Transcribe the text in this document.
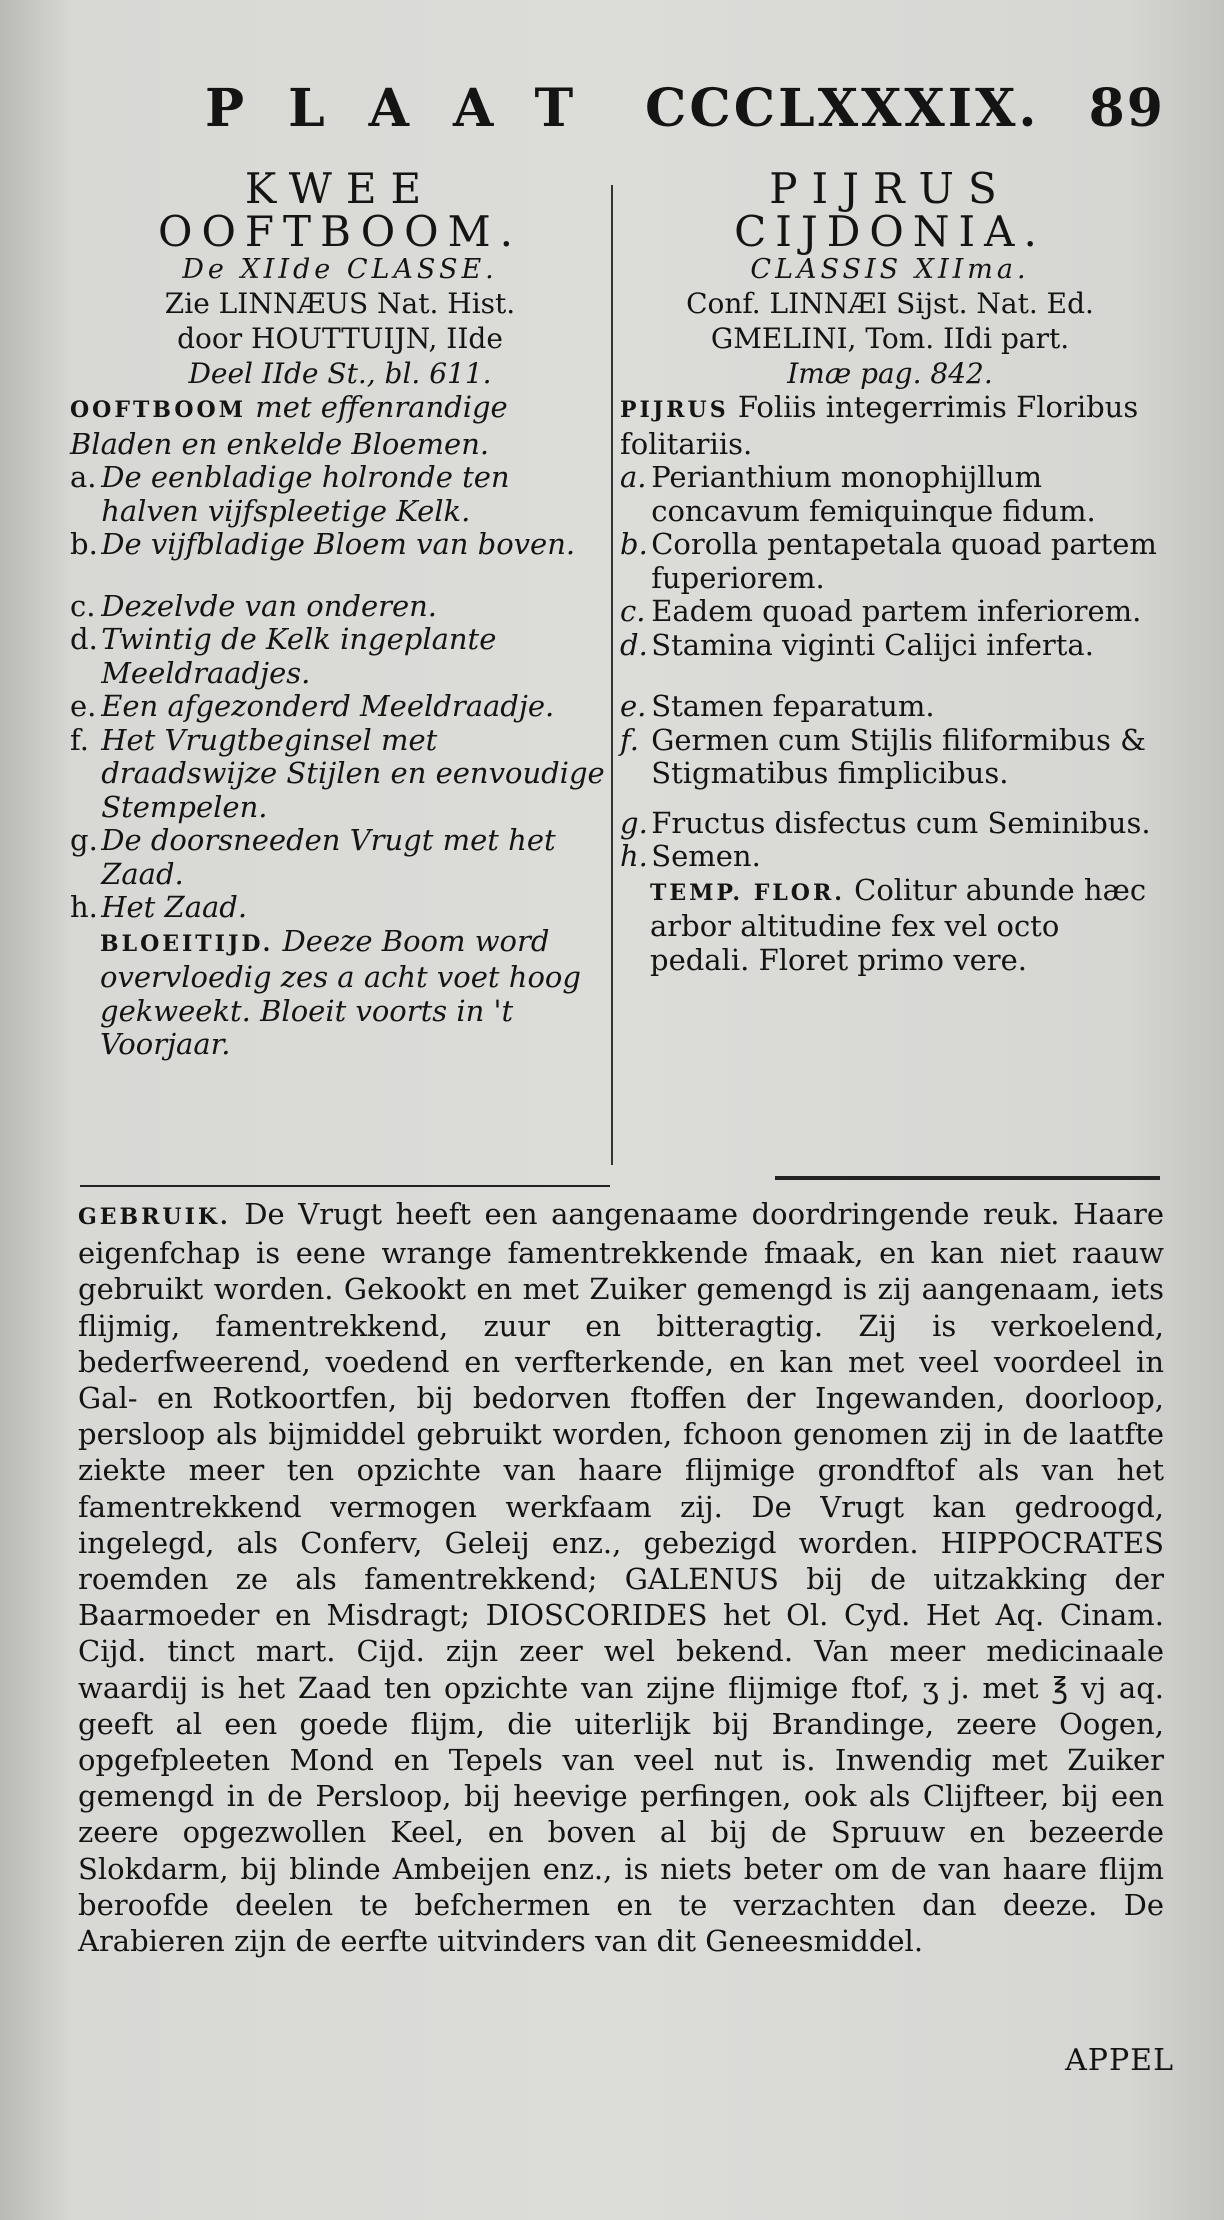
PLAAT CCCLXXXIX. 89
KWEE
OOFTBOOM.
De XIIde CLASSE.
Zie LINNÆUS Nat. Hist.
door HOUTTUIJN, IIde
Deel IIde St., bl. 611.
OOFTBOOM met effenrandige Bladen en enkelde Bloemen.
a.
De eenbladige holronde ten halven vijfspleetige Kelk.
b.
De vijfbladige Bloem van boven.
c.
Dezelvde van onderen.
d.
Twintig de Kelk ingeplante Meeldraadjes.
e.
Een afgezonderd Meeldraadje.
f.
Het Vrugtbeginsel met draadswijze Stijlen en eenvoudige Stempelen.
g.
De doorsneeden Vrugt met het Zaad.
h.
Het Zaad.
BLOEITIJD. Deeze Boom word overvloedig zes a acht voet hoog gekweekt. Bloeit voorts in 't Voorjaar.
PIJRUS
CIJDONIA.
CLASSIS XIIma.
Conf. LINNÆI Sijst. Nat. Ed.
GMELINI, Tom. IIdi part.
Imæ pag. 842.
PIJRUS Foliis integerrimis Floribus folitariis.
a.
Perianthium monophijllum concavum femiquinque fidum.
b.
Corolla pentapetala quoad partem fuperiorem.
c.
Eadem quoad partem inferiorem.
d.
Stamina viginti Calijci inferta.
e.
Stamen feparatum.
f.
Germen cum Stijlis filiformibus & Stigmatibus fimplicibus.
g.
Fructus disfectus cum Seminibus.
h.
Semen.
TEMP. FLOR. Colitur abunde hæc arbor altitudine fex vel octo pedali. Floret primo vere.
GEBRUIK. De Vrugt heeft een aangenaame doordringende reuk. Haare eigenfchap is eene wrange famentrekkende fmaak, en kan niet raauw gebruikt worden. Gekookt en met Zuiker gemengd is zij aangenaam, iets flijmig, famentrekkend, zuur en bitteragtig. Zij is verkoelend, bederfweerend, voedend en verfterkende, en kan met veel voordeel in Gal- en Rotkoortfen, bij bedorven ftoffen der Ingewanden, doorloop, persloop als bijmiddel gebruikt worden, fchoon genomen zij in de laatfte ziekte meer ten opzichte van haare flijmige grondftof als van het famentrekkend vermogen werkfaam zij. De Vrugt kan gedroogd, ingelegd, als Conferv, Geleij enz., gebezigd worden. HIPPOCRATES roemden ze als famentrekkend; GALENUS bij de uitzakking der Baarmoeder en Misdragt; DIOSCORIDES het Ol. Cyd. Het Aq. Cinam. Cijd. tinct mart. Cijd. zijn zeer wel bekend. Van meer medicinaale waardij is het Zaad ten opzichte van zijne flijmige ftof, ʒ j. met ℥ vj aq. geeft al een goede flijm, die uiterlijk bij Brandinge, zeere Oogen, opgefpleeten Mond en Tepels van veel nut is. Inwendig met Zuiker gemengd in de Persloop, bij heevige perfingen, ook als Clijfteer, bij een zeere opgezwollen Keel, en boven al bij de Spruuw en bezeerde Slokdarm, bij blinde Ambeijen enz., is niets beter om de van haare flijm beroofde deelen te befchermen en te verzachten dan deeze. De Arabieren zijn de eerfte uitvinders van dit Geneesmiddel.
APPEL
